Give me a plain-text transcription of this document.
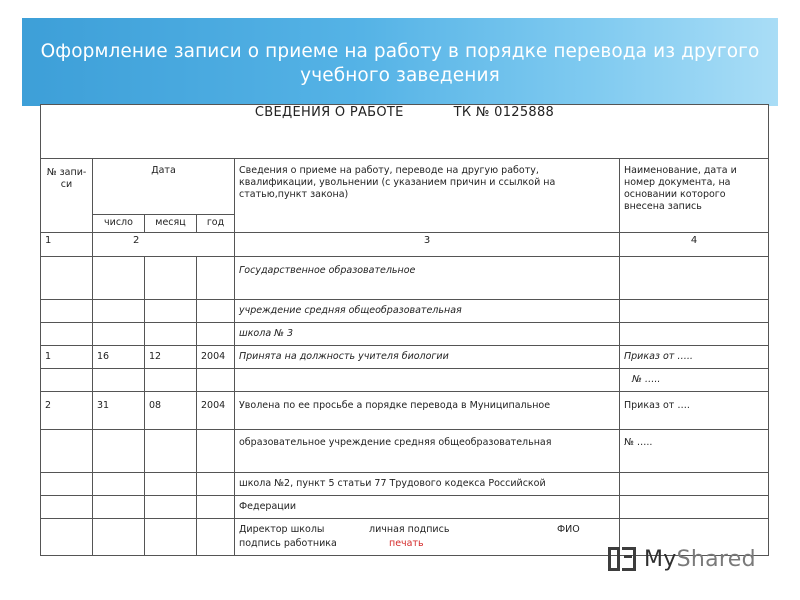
Оформление записи о приеме на работу в порядке перевода из другого
учебного заведения
СВЕДЕНИЯ О РАБОТЕ ТК № 0125888					
№ запи-си	Дата			Сведения о приеме на работу, переводе на другую работу, квалификации, увольнении (с указанием причин и ссылкой на статью,пункт закона)	Наименование, дата и номер документа, на основании которого внесена запись
	число	месяц	год		
1	2			3	4
				Государственное образовательное	
				учреждение средняя общеобразовательная	
				школа № 3	
1	16	12	2004	Принята на должность учителя биологии	Приказ от …..
					№ …..
2	31	08	2004	Уволена по ее просьбе а порядке перевода в Муниципальное	Приказ от ….
				образовательное учреждение средняя общеобразовательная	№ …..
				школа №2, пункт 5 статьи 77 Трудового кодекса Российской	
				Федерации	

				Директор школы личная подпись ФИО
подпись работника печать	

MyShared
